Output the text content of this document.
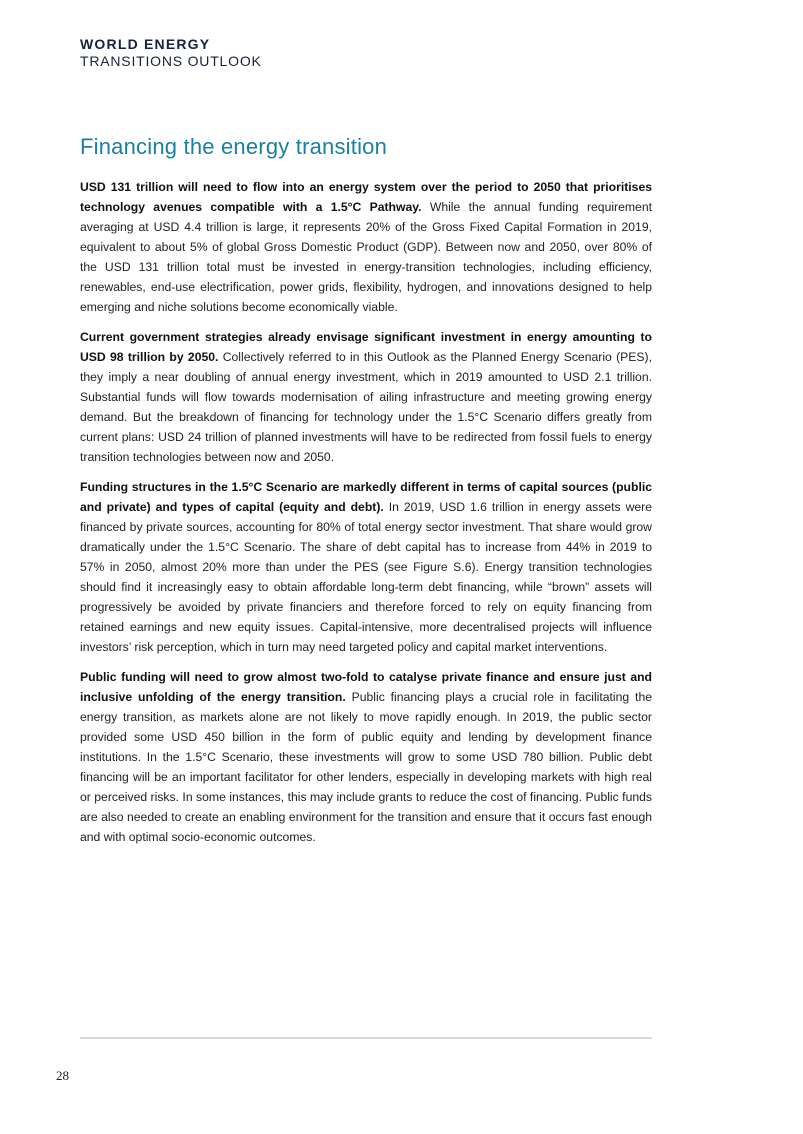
WORLD ENERGY
TRANSITIONS OUTLOOK
Financing the energy transition

USD 131 trillion will need to flow into an energy system over the period to 2050 that prioritises technology avenues compatible with a 1.5°C Pathway. While the annual funding requirement averaging at USD 4.4 trillion is large, it represents 20% of the Gross Fixed Capital Formation in 2019, equivalent to about 5% of global Gross Domestic Product (GDP). Between now and 2050, over 80% of the USD 131 trillion total must be invested in energy-transition technologies, including efficiency, renewables, end-use electrification, power grids, flexibility, hydrogen, and innovations designed to help emerging and niche solutions become economically viable.

Current government strategies already envisage significant investment in energy amounting to USD 98 trillion by 2050. Collectively referred to in this Outlook as the Planned Energy Scenario (PES), they imply a near doubling of annual energy investment, which in 2019 amounted to USD 2.1 trillion. Substantial funds will flow towards modernisation of ailing infrastructure and meeting growing energy demand. But the breakdown of financing for technology under the 1.5°C Scenario differs greatly from current plans: USD 24 trillion of planned investments will have to be redirected from fossil fuels to energy transition technologies between now and 2050.

Funding structures in the 1.5°C Scenario are markedly different in terms of capital sources (public and private) and types of capital (equity and debt). In 2019, USD 1.6 trillion in energy assets were financed by private sources, accounting for 80% of total energy sector investment. That share would grow dramatically under the 1.5°C Scenario. The share of debt capital has to increase from 44% in 2019 to 57% in 2050, almost 20% more than under the PES (see Figure S.6). Energy transition technologies should find it increasingly easy to obtain affordable long-term debt financing, while “brown” assets will progressively be avoided by private financiers and therefore forced to rely on equity financing from retained earnings and new equity issues. Capital-intensive, more decentralised projects will influence investors’ risk perception, which in turn may need targeted policy and capital market interventions.

Public funding will need to grow almost two-fold to catalyse private finance and ensure just and inclusive unfolding of the energy transition. Public financing plays a crucial role in facilitating the energy transition, as markets alone are not likely to move rapidly enough. In 2019, the public sector provided some USD 450 billion in the form of public equity and lending by development finance institutions. In the 1.5°C Scenario, these investments will grow to some USD 780 billion. Public debt financing will be an important facilitator for other lenders, especially in developing markets with high real or perceived risks. In some instances, this may include grants to reduce the cost of financing. Public funds are also needed to create an enabling environment for the transition and ensure that it occurs fast enough and with optimal socio-economic outcomes.

28
